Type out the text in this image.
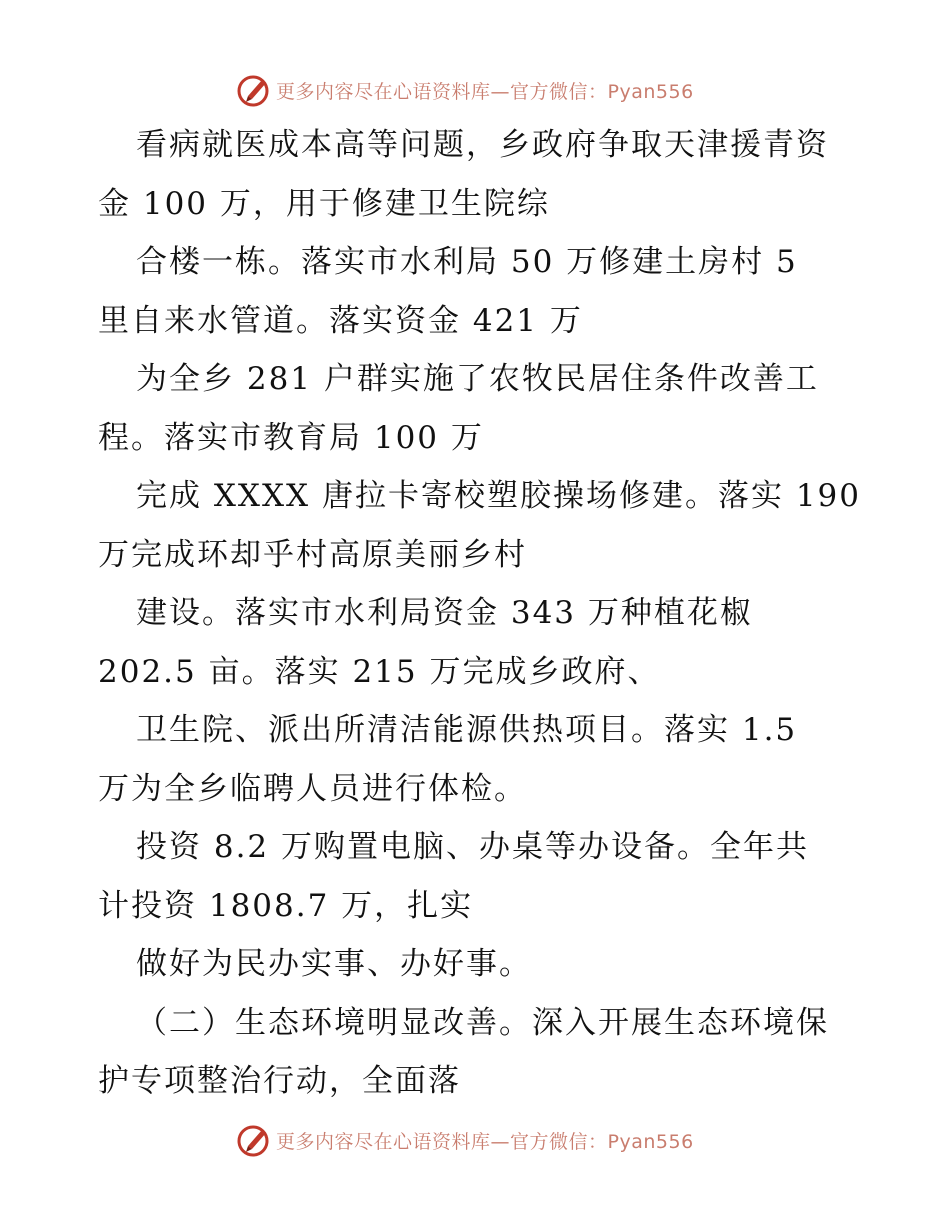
更多内容尽在心语资料库—官方微信：Pyan556
看病就医成本高等问题，乡政府争取天津援青资
金 100 万，用于修建卫生院综
合楼一栋。落实市水利局 50 万修建土房村 5
里自来水管道。落实资金 421 万
为全乡 281 户群实施了农牧民居住条件改善工
程。落实市教育局 100 万
完成 XXXX 唐拉卡寄校塑胶操场修建。落实 190
万完成环却乎村高原美丽乡村
建设。落实市水利局资金 343 万种植花椒
202.5 亩。落实 215 万完成乡政府、
卫生院、派出所清洁能源供热项目。落实 1.5
万为全乡临聘人员进行体检。
投资 8.2 万购置电脑、办桌等办设备。全年共
计投资 1808.7 万，扎实
做好为民办实事、办好事。
（二）生态环境明显改善。深入开展生态环境保
护专项整治行动，全面落
更多内容尽在心语资料库—官方微信：Pyan556
